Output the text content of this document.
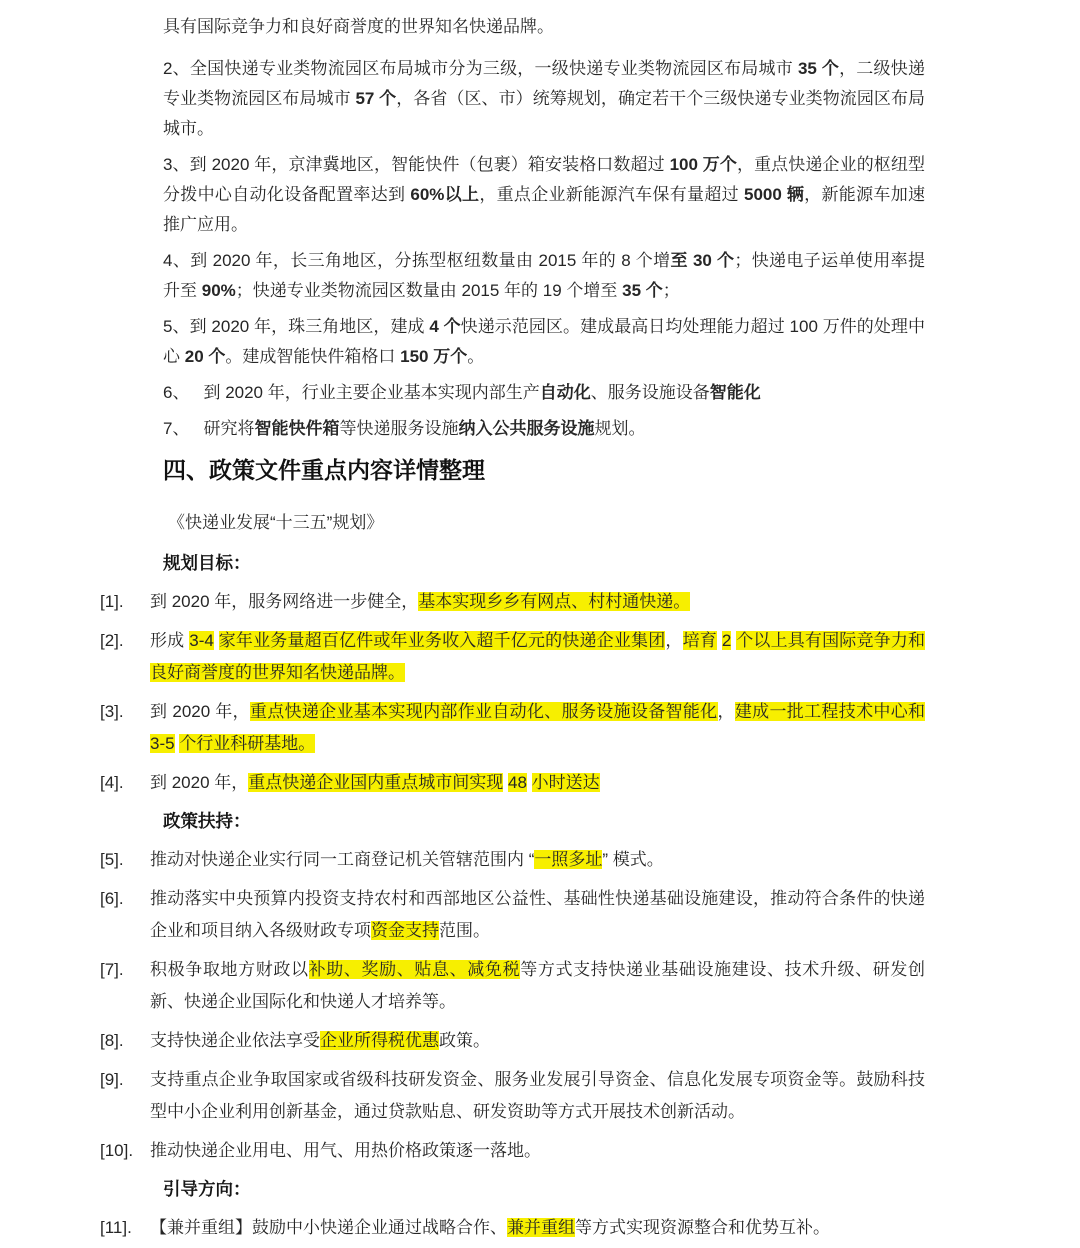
具有国际竞争力和良好商誉度的世界知名快递品牌。

2、全国快递专业类物流园区布局城市分为三级，一级快递专业类物流园区布局城市 35 个，二级快递专业类物流园区布局城市 57 个，各省（区、市）统筹规划，确定若干个三级快递专业类物流园区布局城市。

3、到 2020 年，京津冀地区，智能快件（包裹）箱安装格口数超过 100 万个，重点快递企业的枢纽型分拨中心自动化设备配置率达到 60%以上，重点企业新能源汽车保有量超过 5000 辆，新能源车加速推广应用。

4、到 2020 年，长三角地区，分拣型枢纽数量由 2015 年的 8 个增至 30 个；快递电子运单使用率提升至 90%；快递专业类物流园区数量由 2015 年的 19 个增至 35 个；

5、到 2020 年，珠三角地区，建成 4 个快递示范园区。建成最高日均处理能力超过 100 万件的处理中心 20 个。建成智能快件箱格口 150 万个。

6、 到 2020 年，行业主要企业基本实现内部生产自动化、服务设施设备智能化

7、 研究将智能快件箱等快递服务设施纳入公共服务设施规划。

四、政策文件重点内容详情整理

《快递业发展“十三五”规划》

规划目标：

[1].	到 2020 年，服务网络进一步健全，基本实现乡乡有网点、村村通快递。
[2].	形成 3-4 家年业务量超百亿件或年业务收入超千亿元的快递企业集团，培育 2 个以上具有国际竞争力和良好商誉度的世界知名快递品牌。
[3].	到 2020 年，重点快递企业基本实现内部作业自动化、服务设施设备智能化，建成一批工程技术中心和 3-5 个行业科研基地。
[4].	到 2020 年，重点快递企业国内重点城市间实现 48 小时送达

政策扶持：

[5].	推动对快递企业实行同一工商登记机关管辖范围内 “一照多址” 模式。
[6].	推动落实中央预算内投资支持农村和西部地区公益性、基础性快递基础设施建设，推动符合条件的快递企业和项目纳入各级财政专项资金支持范围。
[7].	积极争取地方财政以补助、奖励、贴息、减免税等方式支持快递业基础设施建设、技术升级、研发创新、快递企业国际化和快递人才培养等。
[8].	支持快递企业依法享受企业所得税优惠政策。
[9].	支持重点企业争取国家或省级科技研发资金、服务业发展引导资金、信息化发展专项资金等。鼓励科技型中小企业利用创新基金，通过贷款贴息、研发资助等方式开展技术创新活动。
[10]. 推动快递企业用电、用气、用热价格政策逐一落地。

引导方向：

[11].	【兼并重组】鼓励中小快递企业通过战略合作、兼并重组等方式实现资源整合和优势互补。
